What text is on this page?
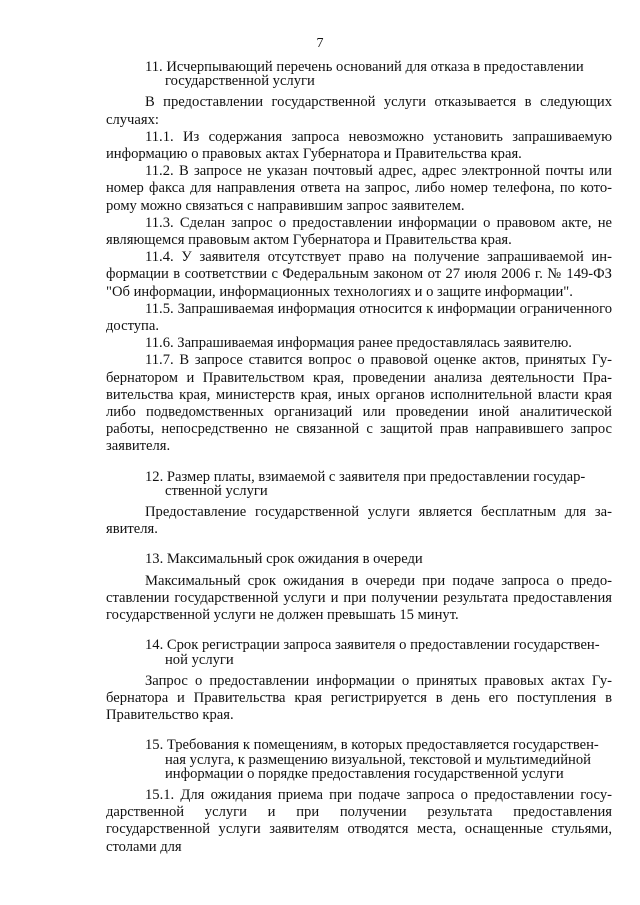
7
11. Исчерпывающий перечень оснований для отказа в предоставлении
государственной услуги

В предоставлении государственной услуги отказывается в следующих случаях:

11.1. Из содержания запроса невозможно установить запрашиваемую информацию о правовых актах Губернатора и Правительства края.

11.2. В запросе не указан почтовый адрес, адрес электронной почты или номер факса для направления ответа на запрос, либо номер телефона, по которому можно связаться с направившим запрос заявителем.

11.3. Сделан запрос о предоставлении информации о правовом акте, не являющемся правовым актом Губернатора и Правительства края.

11.4. У заявителя отсутствует право на получение запрашиваемой информации в соответствии с Федеральным законом от 27 июля 2006 г. № 149-ФЗ "Об информации, информационных технологиях и о защите информации".

11.5. Запрашиваемая информация относится к информации ограниченного доступа.

11.6. Запрашиваемая информация ранее предоставлялась заявителю.

11.7. В запросе ставится вопрос о правовой оценке актов, принятых Губернатором и Правительством края, проведении анализа деятельности Правительства края, министерств края, иных органов исполнительной власти края либо подведомственных организаций или проведении иной аналитической работы, непосредственно не связанной с защитой прав направившего запрос заявителя.

12. Размер платы, взимаемой с заявителя при предоставлении государ-
ственной услуги

Предоставление государственной услуги является бесплатным для заявителя.

13. Максимальный срок ожидания в очереди

Максимальный срок ожидания в очереди при подаче запроса о предоставлении государственной услуги и при получении результата предоставления государственной услуги не должен превышать 15 минут.

14. Срок регистрации запроса заявителя о предоставлении государствен-
ной услуги

Запрос о предоставлении информации о принятых правовых актах Губернатора и Правительства края регистрируется в день его поступления в Правительство края.

15. Требования к помещениям, в которых предоставляется государствен-
ная услуга, к размещению визуальной, текстовой и мультимедийной
информации о порядке предоставления государственной услуги

15.1. Для ожидания приема при подаче запроса о предоставлении государственной услуги и при получении результата предоставления государственной услуги заявителям отводятся места, оснащенные стульями, столами для
